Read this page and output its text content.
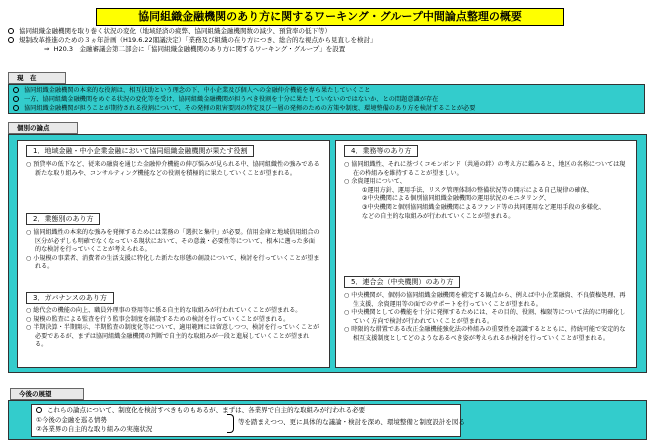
協同組織金融機関のあり方に関するワーキング・グループ中間論点整理の概要
協同組織金融機関を取り巻く状況の変化（地域経済の疲弊、協同組織金融機関数の減少、預貸率の低下等）
規制改革推進のための３ヵ年計画（H19.6.22閣議決定）「業務及び組織の在り方につき、総合的な視点から見直しを検討」
⇒ H20.3　金融審議会第二部会に「協同組織金融機関のあり方に関するワーキング・グループ」を設置
現　在
協同組織金融機関の本来的な役割は、相互扶助という理念の下、中小企業及び個人への金融仲介機能を専ら果たしていくこと
一方、協同組織金融機関をめぐる状況の変化等を受け、協同組織金融機関が担うべき役割を十分に果たしていないのではないか、との問題意識が存在
協同組織金融機関が担うことが期待される役割について、その発揮の阻害要因の特定及び一層の発揮のための方策や制度、環境整備のあり方を検討することが必要
個別の論点
1．地域金融・中小企業金融において協同組織金融機関が果たす役割

○ 預貸率の低下など、従来の融資を通じた金融仲介機能の伸び悩みが見られる中、協同組織性の強みである新たな取り組みや、コンサルティング機能などの役割を積極的に果たしていくことが望まれる。

2．業態別のあり方

○ 協同組織性の本来的な強みを発揮するためには業務の「選択と集中」が必要。信用金庫と地域信用組合の区分が必ずしも明確でなくなっている現状において、その意義・必要性等について、根本に遡った多面的な検討を行っていくことが考えられる。

○ 小規模の事業者、消費者の生活支援に特化した新たな形態の創設について、検討を行っていくことが望まれる。

3．ガバナンスのあり方

○ 総代会の機能の向上、職員外理事の登用等に係る自主的な取組みが行われていくことが望まれる。

○ 規模の監査による監査を行う監事会制度を創設するための検討を行っていくことが望まれる。

○ 半期決算・半期開示、半期監査の制度化等について、適用範囲には留意しつつ、検討を行っていくことが必要であるが、まずは協同組織金融機関の判断で自主的な取組みが一段と進展していくことが望まれる。

4．業務等のあり方

○ 協同組織性、それに基づくコモンボンド（共通の絆）の考え方に鑑みると、地区の名称については現在の枠組みを維持することが望ましい。

○ 余資運用について、

①運用方針、運用手法、リスク管理体制の整備状況等の開示による自己規律の確保、

②中央機関による個別協同組織金融機関の運用状況のモニタリング、

③中央機関と個別協同組織金融機関によるファンド等の共同運用など運用手段の多様化、

などの自主的な取組みが行われていくことが望まれる。

5．連合会（中央機関）のあり方

○ 中央機関が、個別の協同組織金融機関を補完する観点から、例えば中小企業融資、不良債権処理、再生支援、余資運用等の面でのサポートを行っていくことが望まれる。

○ 中央機関としての機能を十分に発揮するためには、その目的、役割、権限等について法的に明確化していく方向で検討が行われていくことが望まれる。

○ 時限的な措置である改正金融機能強化法の枠組みの重要性を認識するとともに、持続可能で安定的な相互支援制度としてどのようなあるべき姿が考えられるか検討を行っていくことが望まれる。

今後の展望
これらの論点について、制度化を検討すべきものもあるが、まずは、各業界で自主的な取組みが行われる必要
①今後の金融を巡る情勢
②各業界の自主的な取り組みの実施状況
等を踏まえつつ、更に具体的な議論・検討を深め、環境整備と制度設計を図る
